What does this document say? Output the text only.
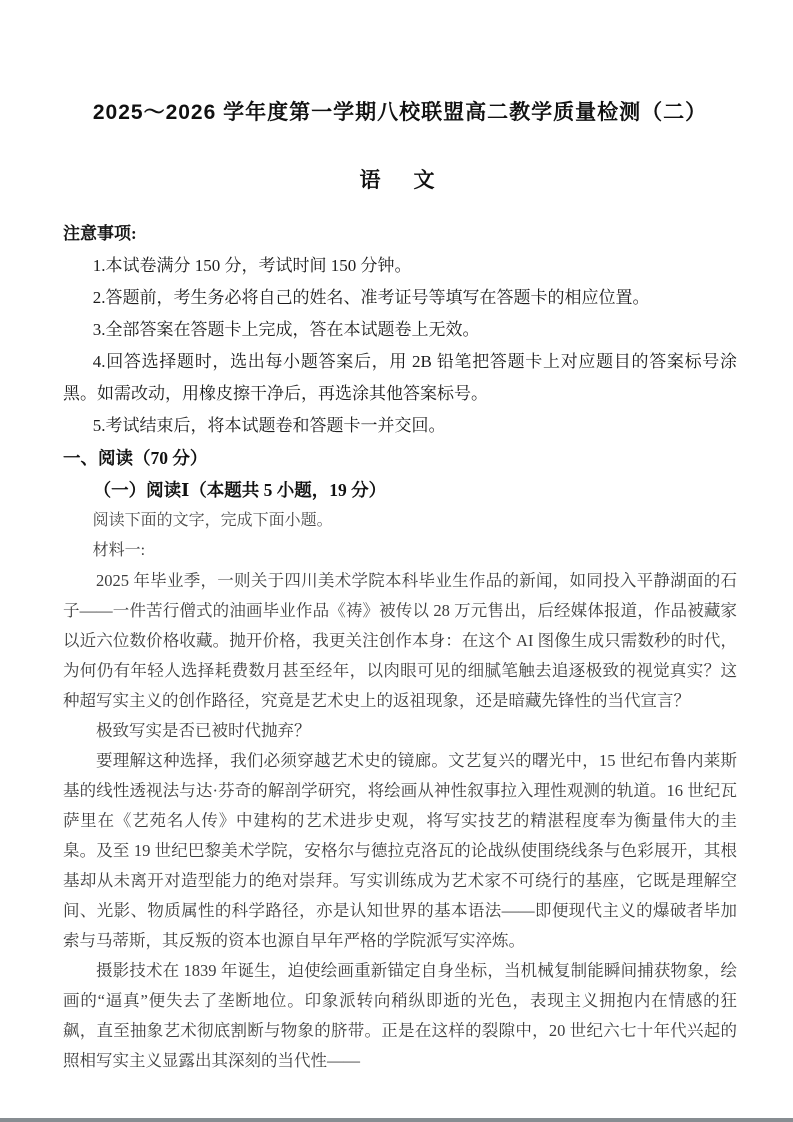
2025～2026 学年度第一学期八校联盟高二教学质量检测（二）
语　文
注意事项:

1.本试卷满分 150 分，考试时间 150 分钟。

2.答题前，考生务必将自己的姓名、准考证号等填写在答题卡的相应位置。

3.全部答案在答题卡上完成，答在本试题卷上无效。

4.回答选择题时，选出每小题答案后，用 2B 铅笔把答题卡上对应题目的答案标号涂黑。如需改动，用橡皮擦干净后，再选涂其他答案标号。

5.考试结束后，将本试题卷和答题卡一并交回。

一、阅读（70 分）
（一）阅读Ⅰ（本题共 5 小题，19 分）

阅读下面的文字，完成下面小题。

材料一:

2025 年毕业季，一则关于四川美术学院本科毕业生作品的新闻，如同投入平静湖面的石子——一件苦行僧式的油画毕业作品《祷》被传以 28 万元售出，后经媒体报道，作品被藏家以近六位数价格收藏。抛开价格，我更关注创作本身：在这个 AI 图像生成只需数秒的时代，为何仍有年轻人选择耗费数月甚至经年，以肉眼可见的细腻笔触去追逐极致的视觉真实？这种超写实主义的创作路径，究竟是艺术史上的返祖现象，还是暗藏先锋性的当代宣言？

极致写实是否已被时代抛弃？

要理解这种选择，我们必须穿越艺术史的镜廊。文艺复兴的曙光中，15 世纪布鲁内莱斯基的线性透视法与达·芬奇的解剖学研究，将绘画从神性叙事拉入理性观测的轨道。16 世纪瓦萨里在《艺苑名人传》中建构的艺术进步史观，将写实技艺的精湛程度奉为衡量伟大的圭臬。及至 19 世纪巴黎美术学院，安格尔与德拉克洛瓦的论战纵使围绕线条与色彩展开，其根基却从未离开对造型能力的绝对崇拜。写实训练成为艺术家不可绕行的基座，它既是理解空间、光影、物质属性的科学路径，亦是认知世界的基本语法——即便现代主义的爆破者毕加索与马蒂斯，其反叛的资本也源自早年严格的学院派写实淬炼。

摄影技术在 1839 年诞生，迫使绘画重新锚定自身坐标，当机械复制能瞬间捕获物象，绘画的“逼真”便失去了垄断地位。印象派转向稍纵即逝的光色，表现主义拥抱内在情感的狂飙，直至抽象艺术彻底割断与物象的脐带。正是在这样的裂隙中，20 世纪六七十年代兴起的照相写实主义显露出其深刻的当代性——
